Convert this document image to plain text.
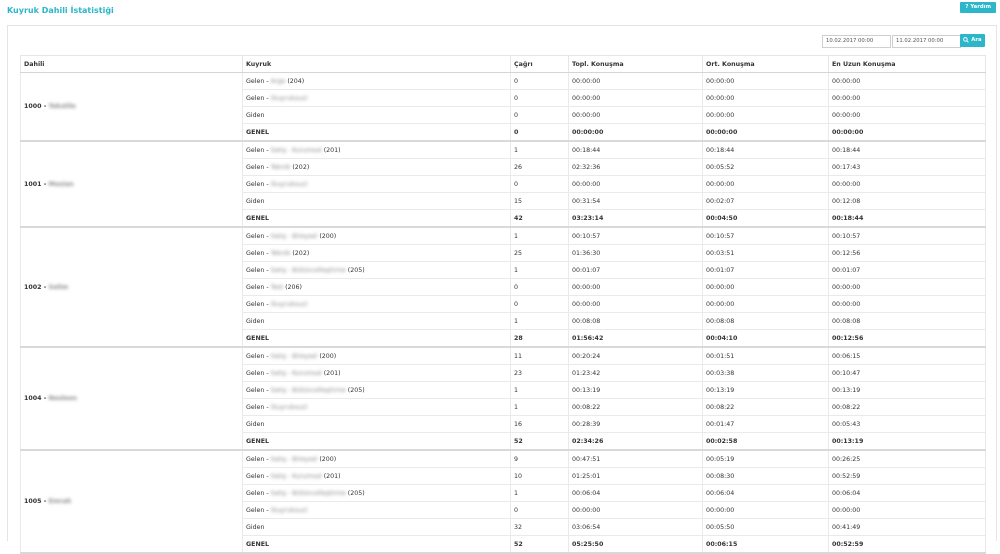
Kuyruk Dahili İstatistiği	? Yardım
10.02.2017 00:00	11.02.2017 00:00	Ara
Dahili	Kuyruk	Çağrı	Topl. Konuşma	Ort. Konuşma	En Uzun Konuşma
1000 - Tekstile	Gelen - Arge (204)	0	00:00:00	00:00:00	00:00:00
	Gelen - (kuyruksuz)	0	00:00:00	00:00:00	00:00:00
	Giden	0	00:00:00	00:00:00	00:00:00
	GENEL	0	00:00:00	00:00:00	00:00:00
1001 - Mesian	Gelen - Satış - Kurumsal (201)	1	00:18:44	00:18:44	00:18:44
	Gelen - Teknik (202)	26	02:32:36	00:05:52	00:17:43
	Gelen - (kuyruksuz)	0	00:00:00	00:00:00	00:00:00
	Giden	15	00:31:54	00:02:07	00:12:08
	GENEL	42	03:23:14	00:04:50	00:18:44
1002 - Selim	Gelen - Satış - Bireysel (200)	1	00:10:57	00:10:57	00:10:57
	Gelen - Teknik (202)	25	01:36:30	00:03:51	00:12:56
	Gelen - Satış - Bütüncelleştirme (205)	1	00:01:07	00:01:07	00:01:07
	Gelen - Test (206)	0	00:00:00	00:00:00	00:00:00
	Gelen - (kuyruksuz)	0	00:00:00	00:00:00	00:00:00
	Giden	1	00:08:08	00:08:08	00:08:08
	GENEL	28	01:56:42	00:04:10	00:12:56
1004 - Nesleen	Gelen - Satış - Bireysel (200)	11	00:20:24	00:01:51	00:06:15
	Gelen - Satış - Kurumsal (201)	23	01:23:42	00:03:38	00:10:47
	Gelen - Satış - Bütüncelleştirme (205)	1	00:13:19	00:13:19	00:13:19
	Gelen - (kuyruksuz)	1	00:08:22	00:08:22	00:08:22
	Giden	16	00:28:39	00:01:47	00:05:43
	GENEL	52	02:34:26	00:02:58	00:13:19
1005 - Emrah	Gelen - Satış - Bireysel (200)	9	00:47:51	00:05:19	00:26:25
	Gelen - Satış - Kurumsal (201)	10	01:25:01	00:08:30	00:52:59
	Gelen - Satış - Bütüncelleştirme (205)	1	00:06:04	00:06:04	00:06:04
	Gelen - (kuyruksuz)	0	00:00:00	00:00:00	00:00:00
	Giden	32	03:06:54	00:05:50	00:41:49
	GENEL	52	05:25:50	00:06:15	00:52:59
